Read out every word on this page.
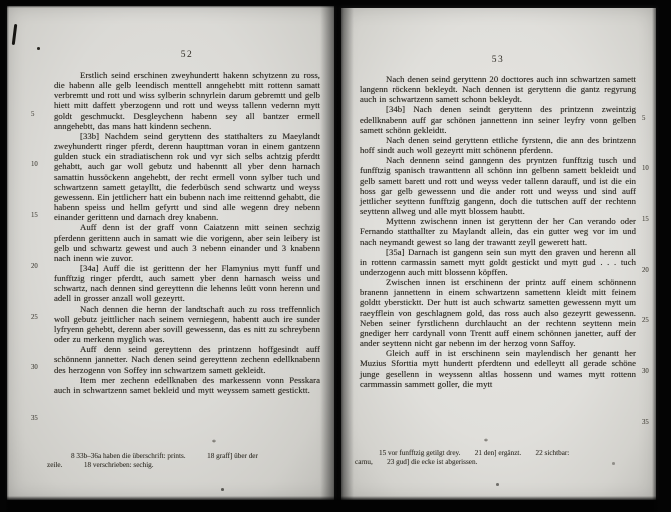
52

Erstlich seind erschinen zweyhundertt hakenn schytzenn zu ross, die habenn alle gelb leendisch menttell anngehebtt mitt rottenn samatt verbremtt und rott und wiss sylberin schnyrlein darum gebremtt und gelb hiett mitt daffett yberzogenn und rott und weyss tallenn vedernn mytt goldt geschmuckt. Desgleychenn habenn sey all bantzer ermell anngehebtt, das mans hatt kindenn sechenn.

[33b] Nachdem seind geryttenn des statthalters zu Maeylandt zweyhundertt ringer pferdt, derenn haupttman voran in einem gantzenn gulden stuck ein stradiatischenn rok und vyr sich selbs achtzig pferdtt gehabtt, auch gar woll gebutz und habenntt all yber denn harnach samattin hussöckenn angehebtt, der recht ermell vonn sylber tuch und schwartzenn samett getaylltt, die federbüsch send schwartz und weyss gewessenn. Ein jettlicherr hatt ein bubenn nach ime reittennd gehabtt, die habenn speiss und hellm gefyrtt und sind alle wegenn drey nebenn einander gerittenn und darnach drey knabenn.

Auff denn ist der graff vonn Caiatzenn mitt seinen sechzig pferdenn gerittenn auch in samatt wie die vorigenn, aber sein leibery ist gelb und schwartz gewest und auch 3 nebenn einander und 3 knabenn nach inenn wie zuvor.

[34a] Auff die ist gerittenn der her Flamynius mytt funff und funfftzig ringer pferdtt, auch samett yber denn harnasch weiss und schwartz, nach dennen sind gereyttenn die lehenns leütt vonn herenn und adell in grosser anzall woll gezeyrtt.

Nach dennen die hernn der landtschaft auch zu ross treffennlich woll gebutz jeittlicher nach seinem verniegenn, habentt auch ire sunder lyfryenn gehebtt, derenn aber sovill gewessenn, das es nitt zu schreybenn oder zu merkenn myglich was.

Auff denn seind gereyttenn des printzenn hoffgesindt auff schönnenn jannetter. Nach denen seind gereyttenn zechenn edellknabenn des herzogenn von Soffey inn schwartzem samett gekleidt.

Item mer zechenn edellknaben des markessenn vonn Pesskara auch in schwartzenn samet bekleid und mytt weyssem samett gesticktt.

5
10
15
20
25
30
35
*
8 33b–36a haben die überschrift: prints.   18 graff] über der
zeile.   18 verschrieben: sechig.
53

Nach denen seind geryttenn 20 docttores auch inn schwartzen samett langenn röckenn bekleydt. Nach dennen ist geryttenn die gantz regyrung auch in schwartzenn samett schonn bekleydt.

[34b] Nach denen seindt geryttenn des printzenn zweintzig edellknabenn auff gar schönen jannettenn inn seiner leyfry vonn gelben samett schönn gekleidtt.

Nach denen seind geryttenn ettliche fyrstenn, die ann des brintzenn hoff sindt auch woll gezeyrtt mitt schönenn pferdenn.

Nach dennenn seind ganngenn des pryntzen funfftzig tusch und funfftzig spanisch trawanttenn all schönn inn gelbenn samett bekleidt und gelb samett barett und rott und weyss veder tallenn darauff, und ist die ein hoss gar gelb gewessenn und die ander rott und weyss und sind auff jettlicher seyttenn funfftzig gangenn, doch die tuttschen auff der rechtenn seyttenn allweg und alle mytt blossem haubtt.

Myttenn zwischenn innen ist geryttenn der her Can verando oder Fernando statthallter zu Maylandt allein, das ein gutter weg vor im und nach neymandt gewest so lang der trawantt zeyll gewerett hatt.

[35a] Darnach ist gangenn sein sun mytt den graven und herenn all in rottenn carmassin samett mytt goldt gestickt und mytt gud . . . tuch underzogenn auch mitt blossenn köpffen.

Zwischen innen ist erschinenn der printz auff einem schönnenn branenn jannettenn in einem schwartzenn samettenn kleidt mitt feinem goldtt ybersticktt. Der hutt ist auch schwartz sametten gewessenn mytt um raeyfflein von geschlagnem gold, das ross auch also gezeyrtt gewessenn. Neben seiner fyrstlichenn durchlaucht an der rechtenn seyttenn mein gnediger herr cardynall vonn Trentt auff einem schönnen janetter, auff der ander seyttenn nicht gar nebenn im der herzog vonn Saffoy.

Gleich auff in ist erschinenn sein maylendisch her genantt her Muzius Sforttia mytt hundertt pferdtenn und edelleytt all gerade schöne junge gesellenn in weyssenn altlas hossenn und wames mytt rottenn carmmassin sammett goller, die mytt

5
10
15
20
25
30
35
*
15 vor funfftzig getilgt drey.  21 den] ergänzt.  22 sichtbar:
carnu,  23 gud] die ecke ist abgerissen.
